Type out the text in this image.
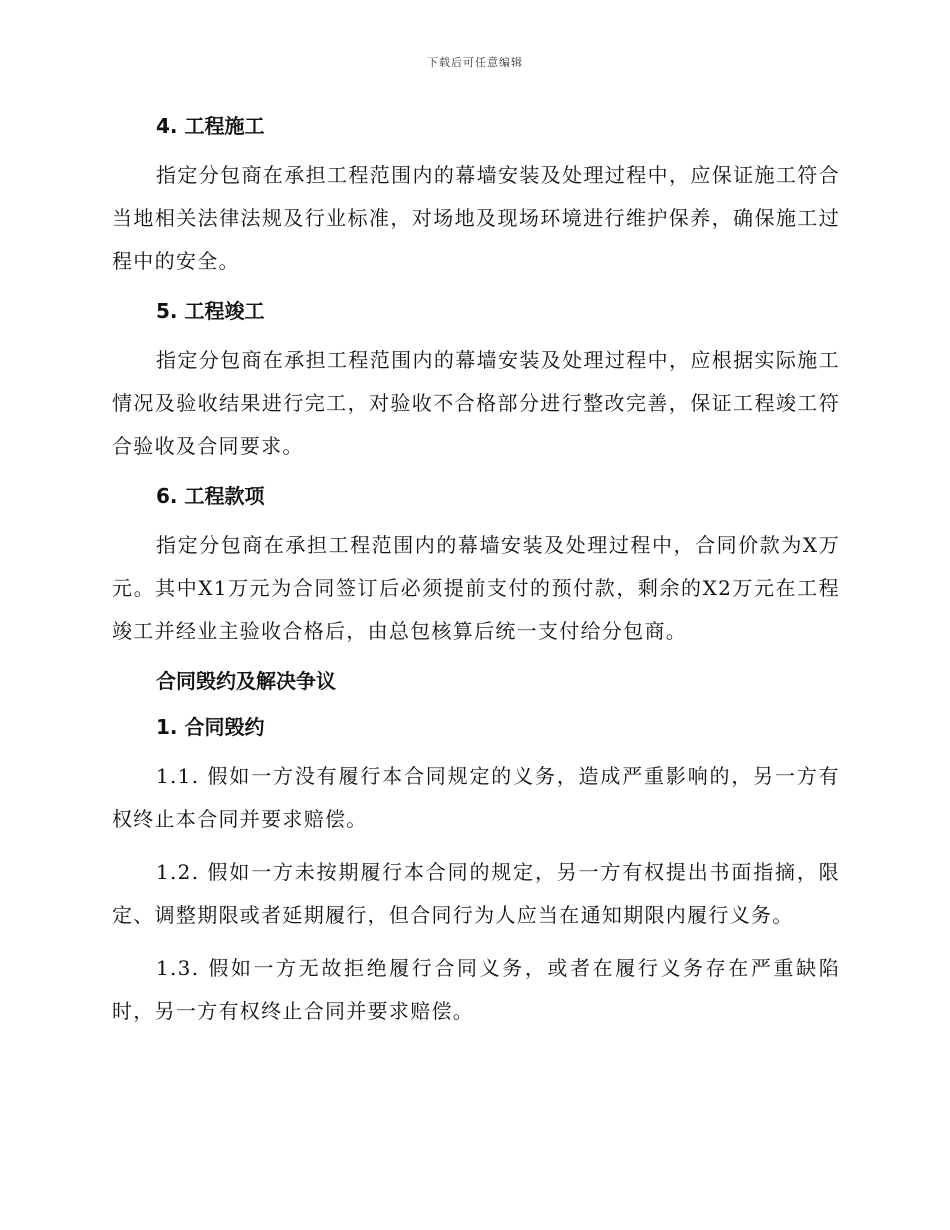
下载后可任意编辑
4. 工程施工
指定分包商在承担工程范围内的幕墙安装及处理过程中，应保证施工符合当地相关法律法规及行业标准，对场地及现场环境进行维护保养，确保施工过程中的安全。
5. 工程竣工
指定分包商在承担工程范围内的幕墙安装及处理过程中，应根据实际施工情况及验收结果进行完工，对验收不合格部分进行整改完善，保证工程竣工符合验收及合同要求。
6. 工程款项
指定分包商在承担工程范围内的幕墙安装及处理过程中，合同价款为X万元。其中X1万元为合同签订后必须提前支付的预付款，剩余的X2万元在工程竣工并经业主验收合格后，由总包核算后统一支付给分包商。
合同毁约及解决争议
1. 合同毁约
1.1. 假如一方没有履行本合同规定的义务，造成严重影响的，另一方有权终止本合同并要求赔偿。
1.2. 假如一方未按期履行本合同的规定，另一方有权提出书面指摘，限定、调整期限或者延期履行，但合同行为人应当在通知期限内履行义务。
1.3. 假如一方无故拒绝履行合同义务，或者在履行义务存在严重缺陷时，另一方有权终止合同并要求赔偿。
